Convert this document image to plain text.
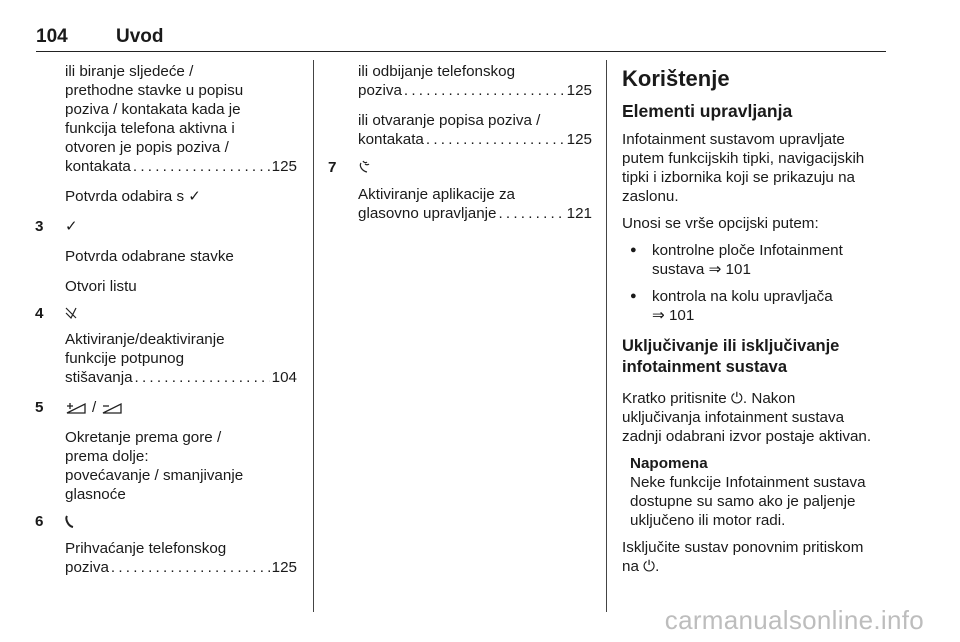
104	Uvod

ili biranje sljedeće /

prethodne stavke u popisu

poziva / kontakata kada je

funkcija telefona aktivna i

otvoren je popis poziva /

kontakata . . .	125

Potvrda odabira s ✓

3 ✓

Potvrda odabrane stavke

Otvori listu

4

Aktiviranje/deaktiviranje

funkcije potpunog

stišavanja . . .	104
5	/

Okretanje prema gore /

prema dolje:

povećavanje / smanjivanje

glasnoće

6

Prihvaćanje telefonskog

poziva . . .	125

ili odbijanje telefonskog

poziva . . .	125

ili otvaranje popisa poziva /

kontakata . . .	125
7

Aktiviranje aplikacije za

glasovno upravljanje . . .	121

Korištenje

Elementi upravljanja

Infotainment sustavom upravljate

putem funkcijskih tipki, navigacijskih

tipki i izbornika koji se prikazuju na

zaslonu.

Unosi se vrše opcijski putem:

● kontrolne ploče Infotainment
sustava ⇒ 101
● kontrola na kolu upravljača
⇒ 101

Uključivanje ili isključivanje

infotainment sustava

Kratko pritisnite ⏻. Nakon

uključivanja infotainment sustava

zadnji odabrani izvor postaje aktivan.

Napomena

Neke funkcije Infotainment sustava

dostupne su samo ako je paljenje

uključeno ili motor radi.

Isključite sustav ponovnim pritiskom

na ⏻.

carmanualsonline.info
